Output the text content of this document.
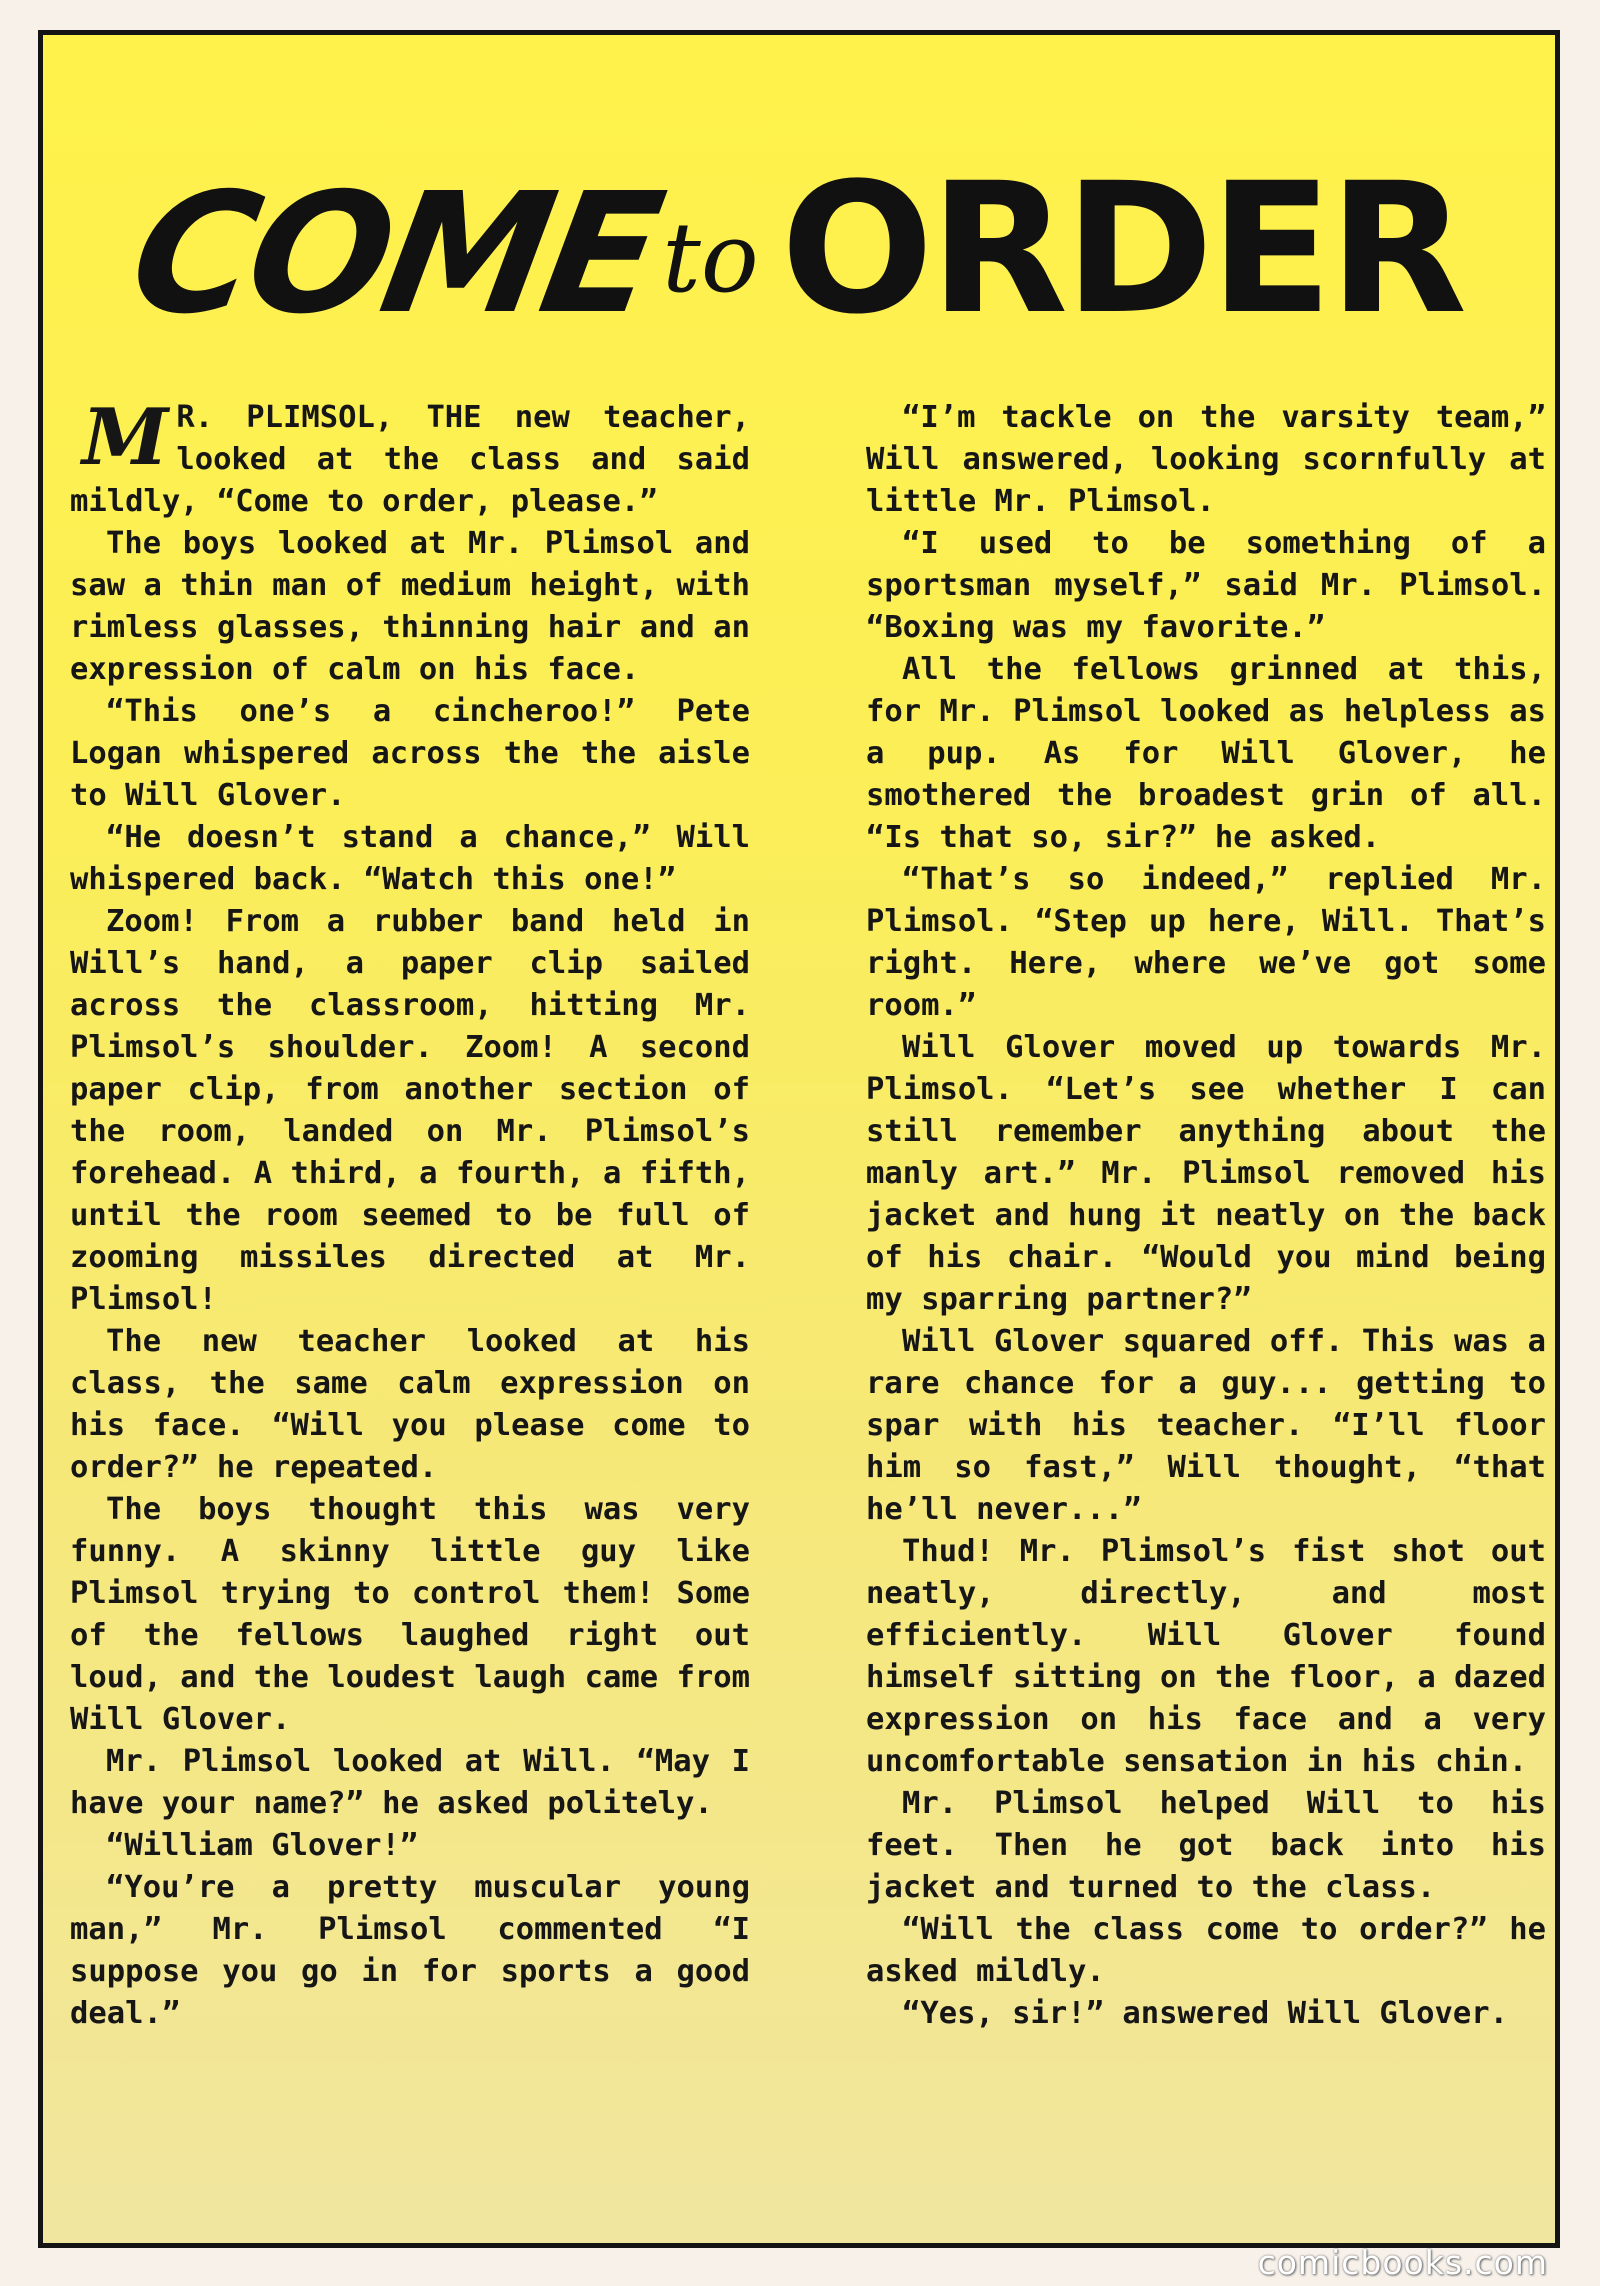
COMEto ORDER

M R. PLIMSOL, THE new teacher, looked at the class and said mildly, “Come to order, please.”

The boys looked at Mr. Plimsol and saw a thin man of medium height, with rimless glasses, thinning hair and an expression of calm on his face.

“This one’s a cincheroo!” Pete Logan whispered across the the aisle to Will Glover.

“He doesn’t stand a chance,” Will whispered back. “Watch this one!”

Zoom! From a rubber band held in Will’s hand, a paper clip sailed across the classroom, hitting Mr. Plimsol’s shoulder. Zoom! A second paper clip, from another section of the room, landed on Mr. Plimsol’s forehead. A third, a fourth, a fifth, until the room seemed to be full of zooming missiles directed at Mr. Plimsol!

The new teacher looked at his class, the same calm expression on his face. “Will you please come to order?” he repeated.

The boys thought this was very funny. A skinny little guy like Plimsol trying to control them! Some of the fellows laughed right out loud, and the loudest laugh came from Will Glover.

Mr. Plimsol looked at Will. “May I have your name?” he asked politely.

“William Glover!”

“You’re a pretty muscular young man,” Mr. Plimsol commented “I suppose you go in for sports a good deal.”

“I’m tackle on the varsity team,” Will answered, looking scornfully at little Mr. Plimsol.

“I used to be something of a sportsman myself,” said Mr. Plimsol. “Boxing was my favorite.”

All the fellows grinned at this, for Mr. Plimsol looked as helpless as a pup. As for Will Glover, he smothered the broadest grin of all. “Is that so, sir?” he asked.

“That’s so indeed,” replied Mr. Plimsol. “Step up here, Will. That’s right. Here, where we’ve got some room.”

Will Glover moved up towards Mr. Plimsol. “Let’s see whether I can still remember anything about the manly art.” Mr. Plimsol removed his jacket and hung it neatly on the back of his chair. “Would you mind being my sparring partner?”

Will Glover squared off. This was a rare chance for a guy... getting to spar with his teacher. “I’ll floor him so fast,” Will thought, “that he’ll never...”

Thud! Mr. Plimsol’s fist shot out neatly, directly, and most efficiently. Will Glover found himself sitting on the floor, a dazed expression on his face and a very uncomfortable sensation in his chin.

Mr. Plimsol helped Will to his feet. Then he got back into his jacket and turned to the class.

“Will the class come to order?” he asked mildly.

“Yes, sir!” answered Will Glover.

comicbooks.com
